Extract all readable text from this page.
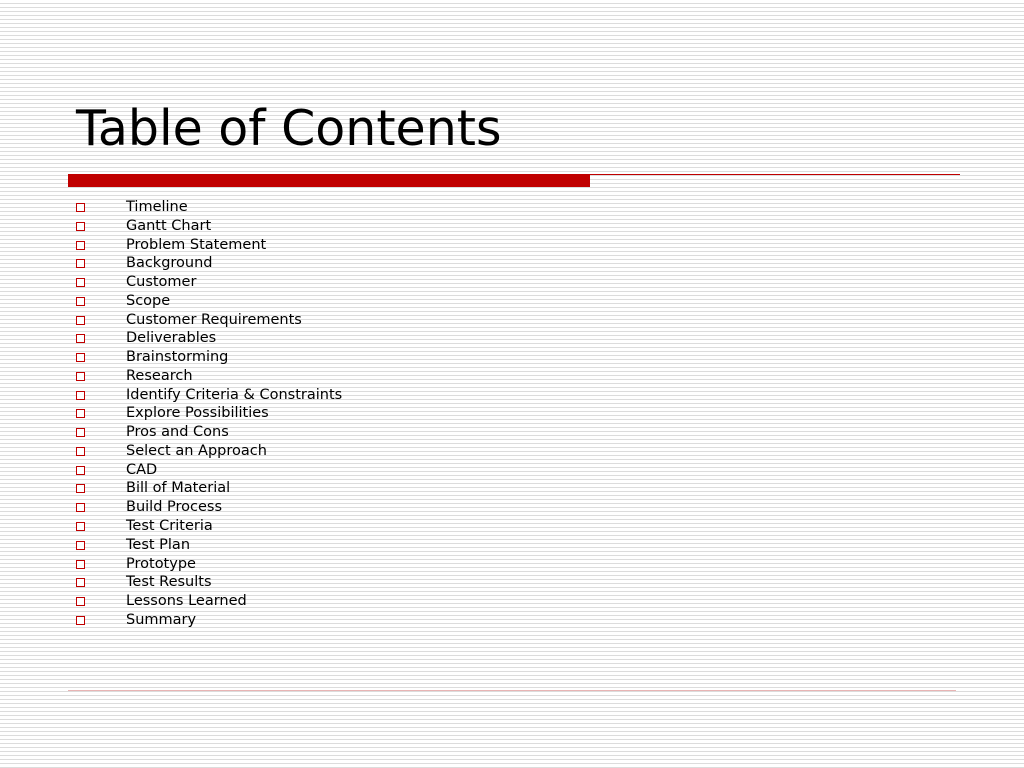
Table of Contents
Timeline
Gantt Chart
Problem Statement
Background
Customer
Scope
Customer Requirements
Deliverables
Brainstorming
Research
Identify Criteria & Constraints
Explore Possibilities
Pros and Cons
Select an Approach
CAD
Bill of Material
Build Process
Test Criteria
Test Plan
Prototype
Test Results
Lessons Learned
Summary
